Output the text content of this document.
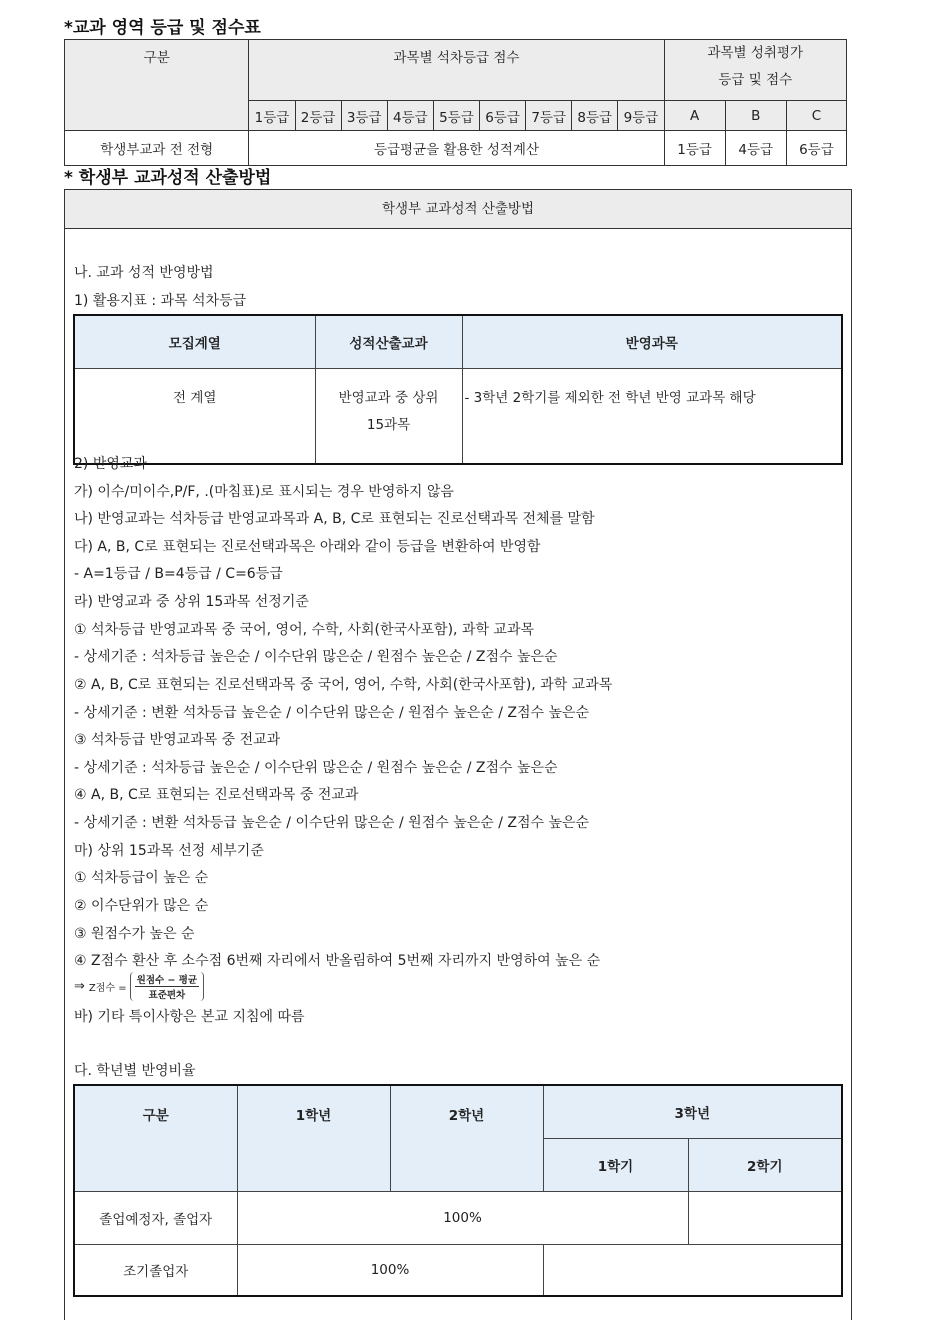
*교과 영역 등급 및 점수표
구분	과목별 석차등급 점수									과목별 성취평가
등급 및 점수		

	1등급	2등급	3등급	4등급	5등급	6등급	7등급	8등급	9등급	A	B	C
학생부교과 전 전형	등급평균을 활용한 성적계산									1등급	4등급	6등급
* 학생부 교과성적 산출방법
학생부 교과성적 산출방법
나. 교과 성적 반영방법
1) 활용지표 : 과목 석차등급
모집계열	성적산출교과	반영과목
전 계열	반영교과 중 상위 15과목	- 3학년 2학기를 제외한 전 학년 반영 교과목 해당
2) 반영교과
가) 이수/미이수,P/F, .(마침표)로 표시되는 경우 반영하지 않음
나) 반영교과는 석차등급 반영교과목과 A, B, C로 표현되는 진로선택과목 전체를 말함
다) A, B, C로 표현되는 진로선택과목은 아래와 같이 등급을 변환하여 반영함
- A=1등급 / B=4등급 / C=6등급
라) 반영교과 중 상위 15과목 선정기준
① 석차등급 반영교과목 중 국어, 영어, 수학, 사회(한국사포함), 과학 교과목
- 상세기준 : 석차등급 높은순 / 이수단위 많은순 / 원점수 높은순 / Z점수 높은순
② A, B, C로 표현되는 진로선택과목 중 국어, 영어, 수학, 사회(한국사포함), 과학 교과목
- 상세기준 : 변환 석차등급 높은순 / 이수단위 많은순 / 원점수 높은순 / Z점수 높은순
③ 석차등급 반영교과목 중 전교과
- 상세기준 : 석차등급 높은순 / 이수단위 많은순 / 원점수 높은순 / Z점수 높은순
④ A, B, C로 표현되는 진로선택과목 중 전교과
- 상세기준 : 변환 석차등급 높은순 / 이수단위 많은순 / 원점수 높은순 / Z점수 높은순
마) 상위 15과목 선정 세부기준
① 석차등급이 높은 순
② 이수단위가 많은 순
③ 원점수가 높은 순
④ Z점수 환산 후 소수점 6번째 자리에서 반올림하여 5번째 자리까지 반영하여 높은 순
⇒ Z점수 = $\frac{\text{원점수 − 평균}}{\text{표준편차}}$
바) 기타 특이사항은 본교 지침에 따름
다. 학년별 반영비율
구분	1학년	2학년	3학년	
			1학기	2학기
졸업예정자, 졸업자	100%			
조기졸업자	100%			
